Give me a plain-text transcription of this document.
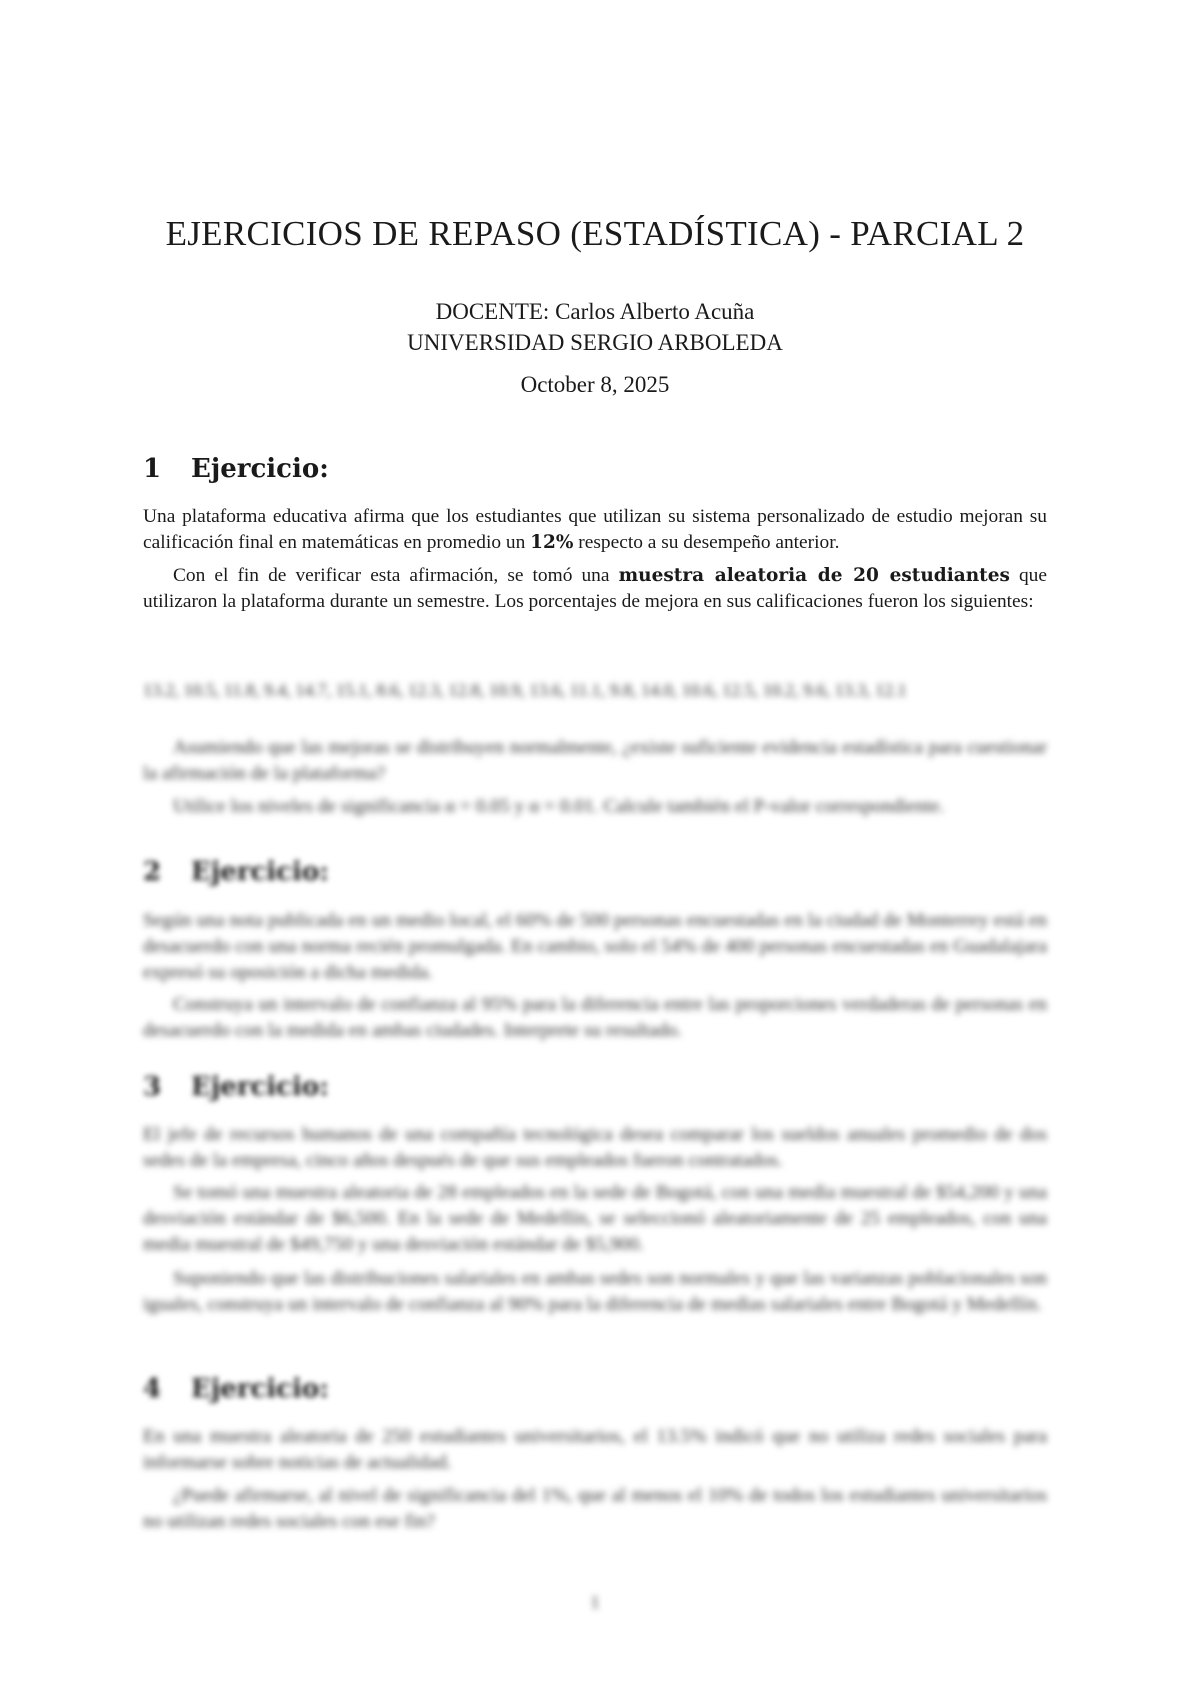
EJERCICIOS DE REPASO (ESTADÍSTICA) - PARCIAL 2
DOCENTE: Carlos Alberto Acuña
UNIVERSIDAD SERGIO ARBOLEDA
October 8, 2025
1 Ejercicio:
Una plataforma educativa afirma que los estudiantes que utilizan su sistema personalizado de estudio mejoran su calificación final en matemáticas en promedio un 12% respecto a su desempeño anterior.
Con el fin de verificar esta afirmación, se tomó una muestra aleatoria de 20 estudiantes que utilizaron la plataforma durante un semestre. Los porcentajes de mejora en sus calificaciones fueron los siguientes:
13.2, 10.5, 11.8, 9.4, 14.7, 15.1, 8.6, 12.3, 12.8, 10.9, 13.6, 11.1, 9.8, 14.0, 10.6, 12.5, 10.2, 9.6, 13.3, 12.1
Asumiendo que las mejoras se distribuyen normalmente, ¿existe suficiente evidencia estadística para cuestionar la afirmación de la plataforma?
Utilice los niveles de significancia α = 0.05 y α = 0.01. Calcule también el P-valor correspondiente.
2 Ejercicio:
Según una nota publicada en un medio local, el 60% de 500 personas encuestadas en la ciudad de Monterrey está en desacuerdo con una norma recién promulgada. En cambio, solo el 54% de 400 personas encuestadas en Guadalajara expresó su oposición a dicha medida.
Construya un intervalo de confianza al 95% para la diferencia entre las proporciones verdaderas de personas en desacuerdo con la medida en ambas ciudades. Interprete su resultado.
3 Ejercicio:
El jefe de recursos humanos de una compañía tecnológica desea comparar los sueldos anuales promedio de dos sedes de la empresa, cinco años después de que sus empleados fueron contratados.
Se tomó una muestra aleatoria de 28 empleados en la sede de Bogotá, con una media muestral de $54,200 y una desviación estándar de $6,500. En la sede de Medellín, se seleccionó aleatoriamente de 25 empleados, con una media muestral de $49,750 y una desviación estándar de $5,900.
Suponiendo que las distribuciones salariales en ambas sedes son normales y que las varianzas poblacionales son iguales, construya un intervalo de confianza al 90% para la diferencia de medias salariales entre Bogotá y Medellín.
4 Ejercicio:
En una muestra aleatoria de 250 estudiantes universitarios, el 13.5% indicó que no utiliza redes sociales para informarse sobre noticias de actualidad.
¿Puede afirmarse, al nivel de significancia del 1%, que al menos el 10% de todos los estudiantes universitarios no utilizan redes sociales con ese fin?
1
